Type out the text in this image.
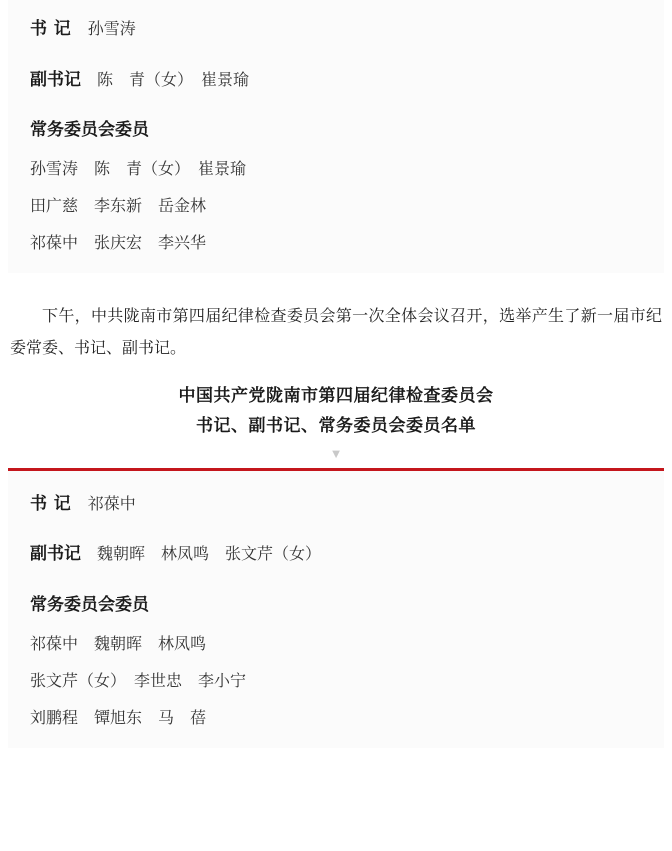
书 记 孙雪涛
副书记 陈　青（女）　崔景瑜
常务委员会委员
孙雪涛　陈　青（女）　崔景瑜
田广慈　李东新　岳金林
祁葆中　张庆宏　李兴华
下午，中共陇南市第四届纪律检查委员会第一次全体会议召开，选举产生了新一届市纪委常委、书记、副书记。
中国共产党陇南市第四届纪律检查委员会
书记、副书记、常务委员会委员名单
▼
书 记 祁葆中
副书记 魏朝晖　林凤鸣　张文芹（女）
常务委员会委员
祁葆中　魏朝晖　林凤鸣
张文芹（女）　李世忠　李小宁
刘鹏程　镡旭东　马　蓓
